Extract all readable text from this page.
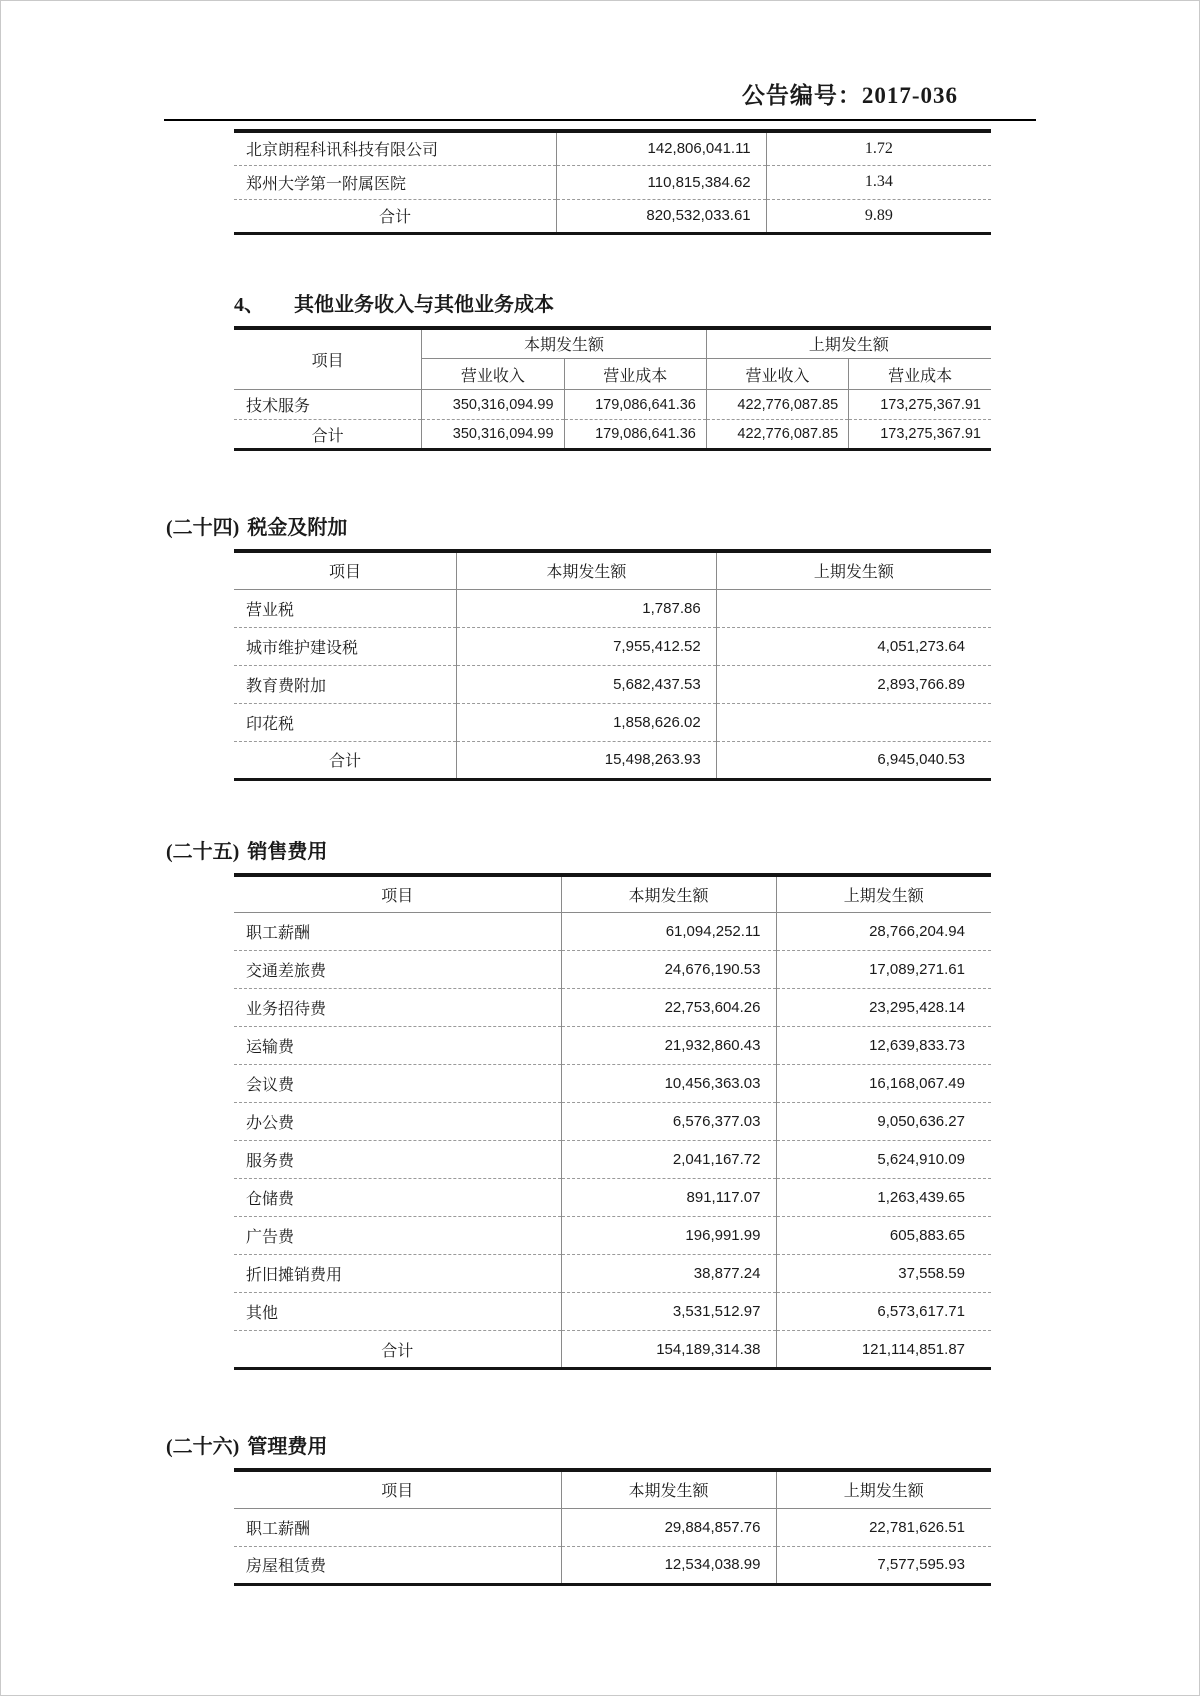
公告编号：2017-036
北京朗程科讯科技有限公司	142,806,041.11	1.72
郑州大学第一附属医院	110,815,384.62	1.34
合计	820,532,033.61	9.89
4、 其他业务收入与其他业务成本
项目	本期发生额		上期发生额	
	营业收入	营业成本	营业收入	营业成本
技术服务	350,316,094.99	179,086,641.36	422,776,087.85	173,275,367.91
合计	350,316,094.99	179,086,641.36	422,776,087.85	173,275,367.91
(二十四) 税金及附加
项目	本期发生额	上期发生额
营业税	1,787.86	
城市维护建设税	7,955,412.52	4,051,273.64
教育费附加	5,682,437.53	2,893,766.89
印花税	1,858,626.02	
合计	15,498,263.93	6,945,040.53
(二十五) 销售费用
项目	本期发生额	上期发生额
职工薪酬	61,094,252.11	28,766,204.94
交通差旅费	24,676,190.53	17,089,271.61
业务招待费	22,753,604.26	23,295,428.14
运输费	21,932,860.43	12,639,833.73
会议费	10,456,363.03	16,168,067.49
办公费	6,576,377.03	9,050,636.27
服务费	2,041,167.72	5,624,910.09
仓储费	891,117.07	1,263,439.65
广告费	196,991.99	605,883.65
折旧摊销费用	38,877.24	37,558.59
其他	3,531,512.97	6,573,617.71
合计	154,189,314.38	121,114,851.87
(二十六) 管理费用
项目	本期发生额	上期发生额
职工薪酬	29,884,857.76	22,781,626.51
房屋租赁费	12,534,038.99	7,577,595.93
